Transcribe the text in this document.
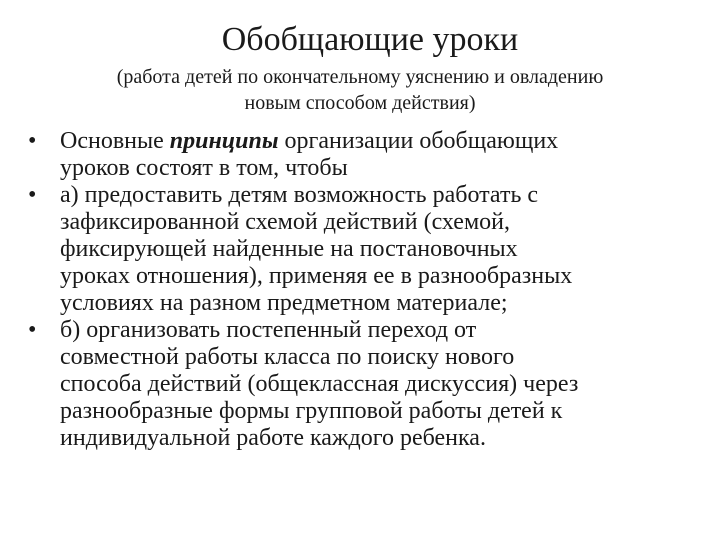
Обобщающие уроки
(работа детей по окончательному уяснению и овладению
новым способом действия)
• Основные принципы организации обобщающих
уроков состоят в том, чтобы
• а) предоставить детям возможность работать с
зафиксированной схемой действий (схемой,
фиксирующей найденные на постановочных
уроках отношения), применяя ее в разнообразных
условиях на разном предметном материале;
• б) организовать постепенный переход от
совместной работы класса по поиску нового
способа действий (общеклассная дискуссия) через
разнообразные формы групповой работы детей к
индивидуальной работе каждого ребенка.
